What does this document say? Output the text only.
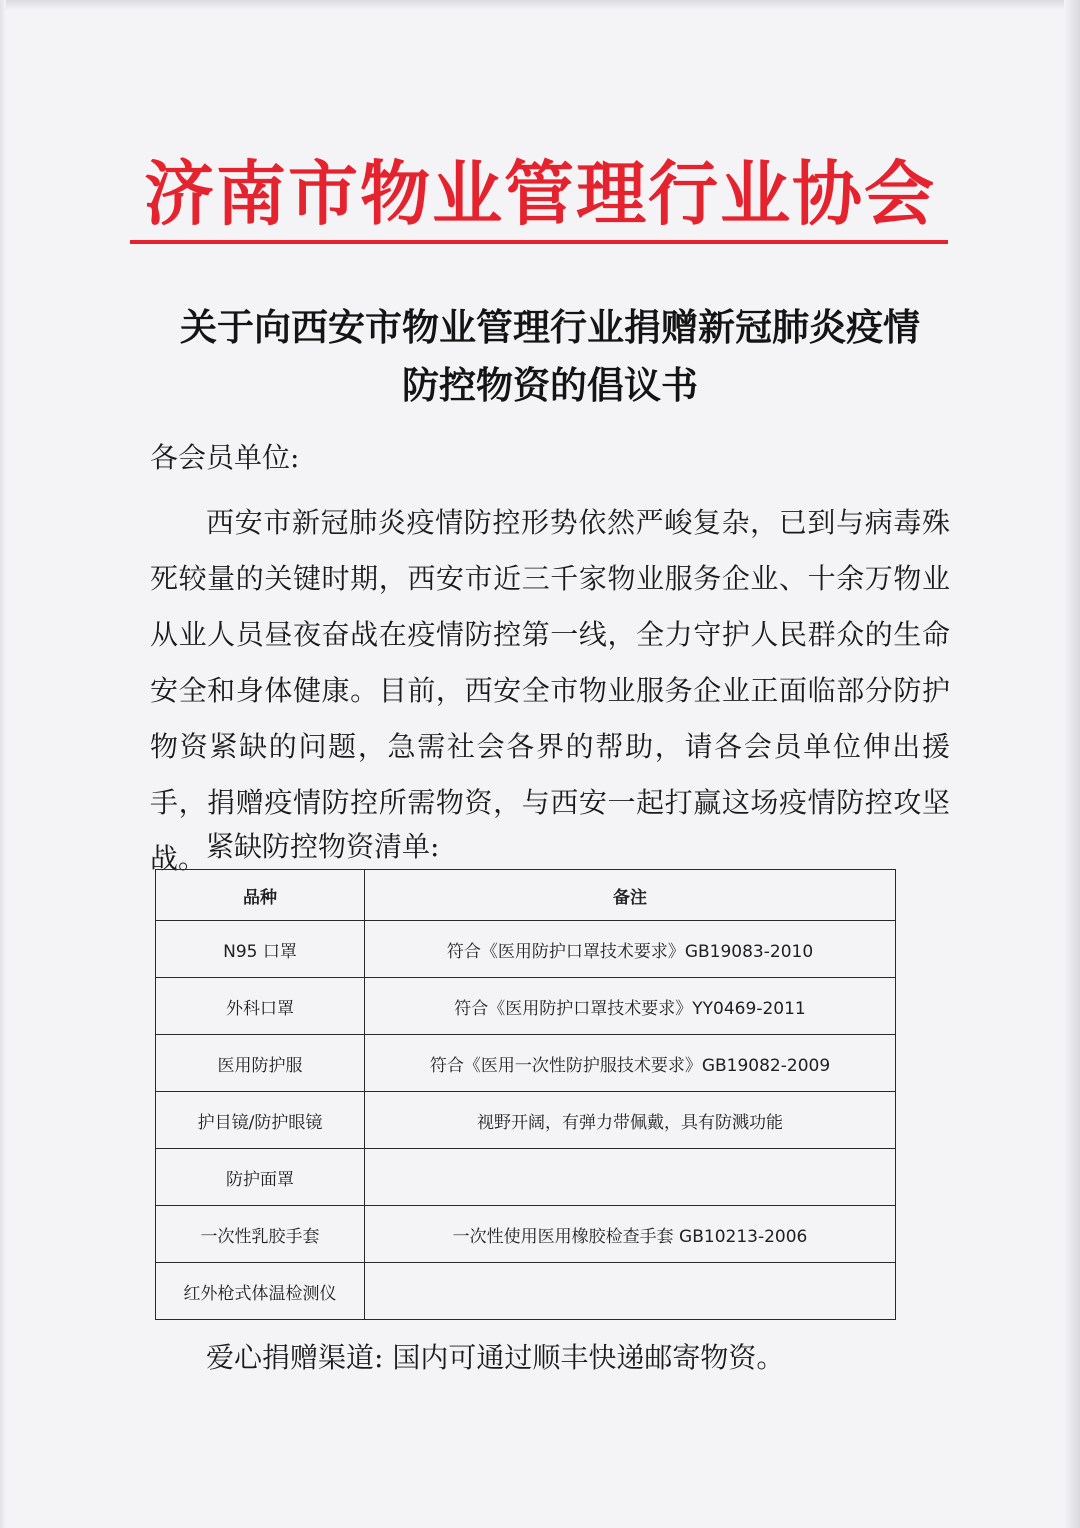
济南市物业管理行业协会
关于向西安市物业管理行业捐赠新冠肺炎疫情
防控物资的倡议书
各会员单位:
西安市新冠肺炎疫情防控形势依然严峻复杂，已到与病毒殊死较量的关键时期，西安市近三千家物业服务企业、十余万物业从业人员昼夜奋战在疫情防控第一线，全力守护人民群众的生命安全和身体健康。目前，西安全市物业服务企业正面临部分防护物资紧缺的问题，急需社会各界的帮助，请各会员单位伸出援手，捐赠疫情防控所需物资，与西安一起打赢这场疫情防控攻坚战。 紧缺防控物资清单:
品种	备注
N95 口罩	符合《医用防护口罩技术要求》GB19083-2010
外科口罩	符合《医用防护口罩技术要求》YY0469-2011
医用防护服	符合《医用一次性防护服技术要求》GB19082-2009
护目镜/防护眼镜	视野开阔，有弹力带佩戴，具有防溅功能
防护面罩	
一次性乳胶手套	一次性使用医用橡胶检查手套 GB10213-2006
红外枪式体温检测仪	
爱心捐赠渠道: 国内可通过顺丰快递邮寄物资。
